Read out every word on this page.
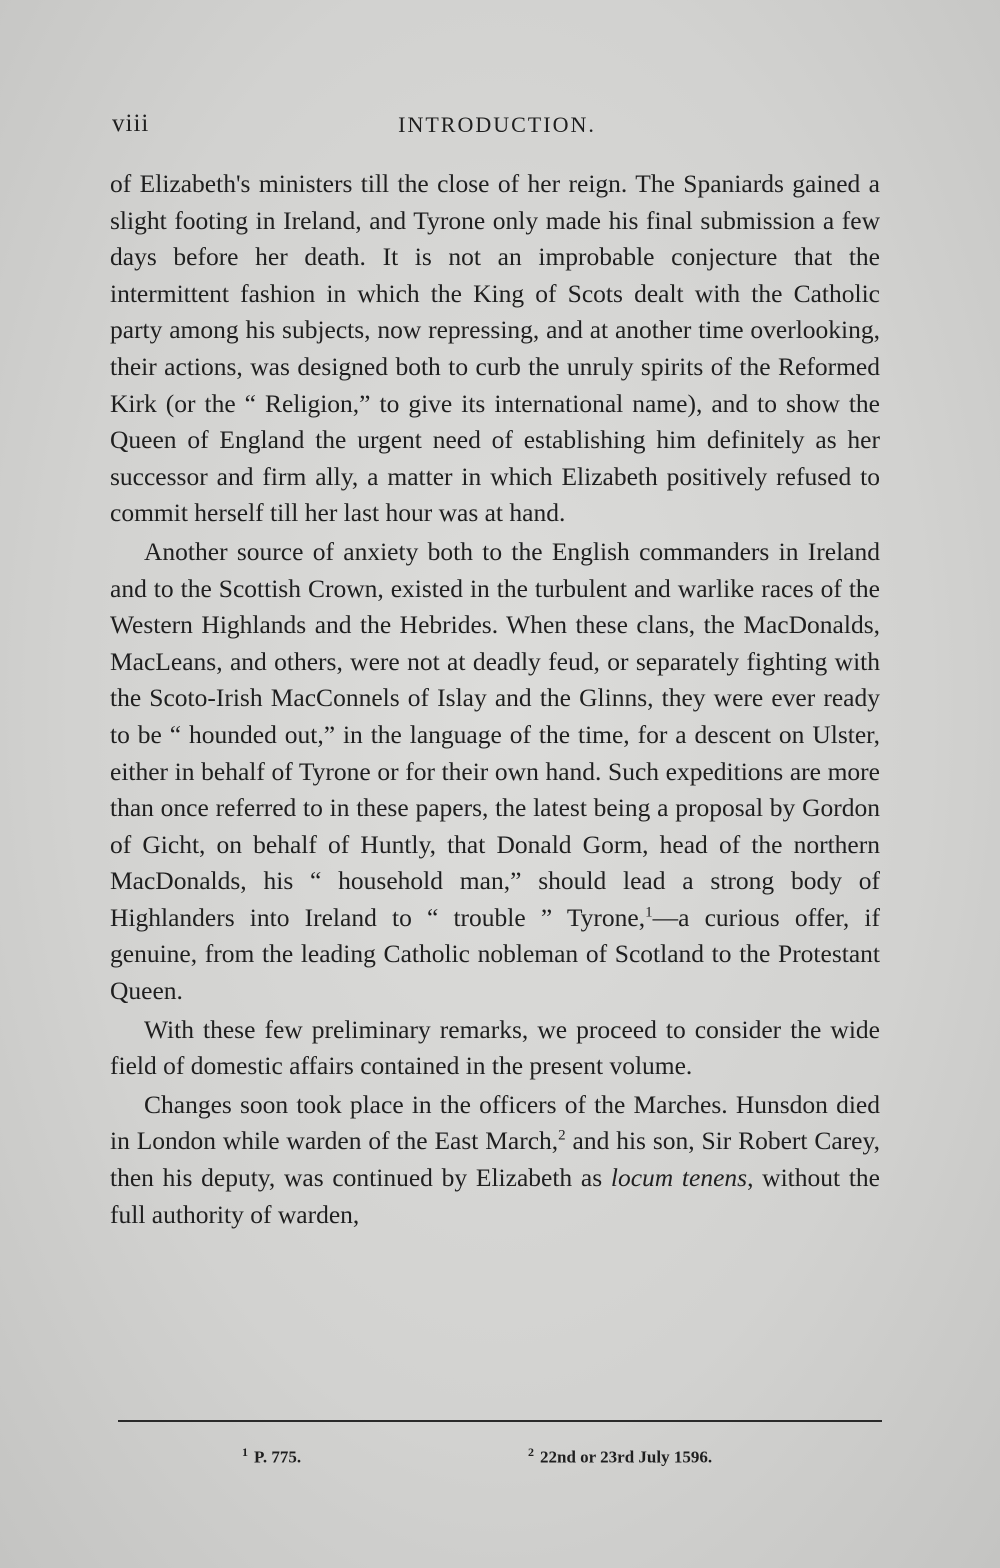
viii	INTRODUCTION.

of Elizabeth's ministers till the close of her reign. The Spaniards gained a slight footing in Ireland, and Tyrone only made his final submission a few days before her death. It is not an improbable conjecture that the intermittent fashion in which the King of Scots dealt with the Catholic party among his subjects, now repressing, and at another time overlooking, their actions, was designed both to curb the unruly spirits of the Reformed Kirk (or the “ Religion,” to give its international name), and to show the Queen of England the urgent need of establishing him definitely as her successor and firm ally, a matter in which Elizabeth positively refused to commit herself till her last hour was at hand.

Another source of anxiety both to the English commanders in Ireland and to the Scottish Crown, existed in the turbulent and warlike races of the Western Highlands and the Hebrides. When these clans, the MacDonalds, MacLeans, and others, were not at deadly feud, or separately fighting with the Scoto-Irish MacConnels of Islay and the Glinns, they were ever ready to be “ hounded out,” in the language of the time, for a descent on Ulster, either in behalf of Tyrone or for their own hand. Such expeditions are more than once referred to in these papers, the latest being a proposal by Gordon of Gicht, on behalf of Huntly, that Donald Gorm, head of the northern MacDonalds, his “ household man,” should lead a strong body of Highlanders into Ireland to “ trouble ” Tyrone,$^1$—a curious offer, if genuine, from the leading Catholic nobleman of Scotland to the Protestant Queen.

With these few preliminary remarks, we proceed to consider the wide field of domestic affairs contained in the present volume.

Changes soon took place in the officers of the Marches. Hunsdon died in London while warden of the East March,$^2$ and his son, Sir Robert Carey, then his deputy, was continued by Elizabeth as locum tenens, without the full authority of warden,

$^1$ P. 775.	$^2$ 22nd or 23rd July 1596.
